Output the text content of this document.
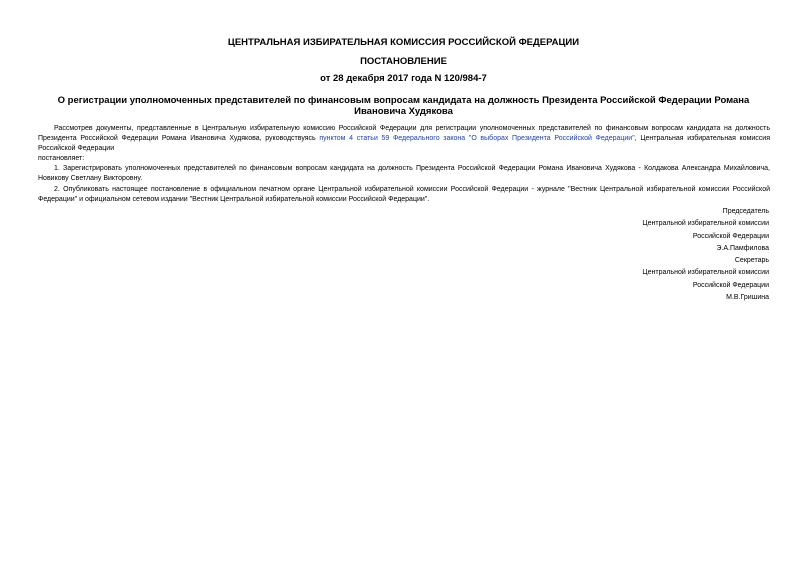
ЦЕНТРАЛЬНАЯ ИЗБИРАТЕЛЬНАЯ КОМИССИЯ РОССИЙСКОЙ ФЕДЕРАЦИИ
ПОСТАНОВЛЕНИЕ
от 28 декабря 2017 года N 120/984-7
О регистрации уполномоченных представителей по финансовым вопросам кандидата на должность Президента Российской Федерации Романа Ивановича Худякова
Рассмотрев документы, представленные в Центральную избирательную комиссию Российской Федерации для регистрации уполномоченных представителей по финансовым вопросам кандидата на должность Президента Российской Федерации Романа Ивановича Худякова, руководствуясь пунктом 4 статьи 59 Федерального закона "О выборах Президента Российской Федерации", Центральная избирательная комиссия Российской Федерации
постановляет:
1. Зарегистрировать уполномоченных представителей по финансовым вопросам кандидата на должность Президента Российской Федерации Романа Ивановича Худякова - Колдакова Александра Михайловича, Новикову Светлану Викторовну.
2. Опубликовать настоящее постановление в официальном печатном органе Центральной избирательной комиссии Российской Федерации - журнале "Вестник Центральной избирательной комиссии Российской Федерации" и официальном сетевом издании "Вестник Центральной избирательной комиссии Российской Федерации".
Председатель
Центральной избирательной комиссии
Российской Федерации
Э.А.Памфилова
Секретарь
Центральной избирательной комиссии
Российской Федерации
М.В.Гришина
